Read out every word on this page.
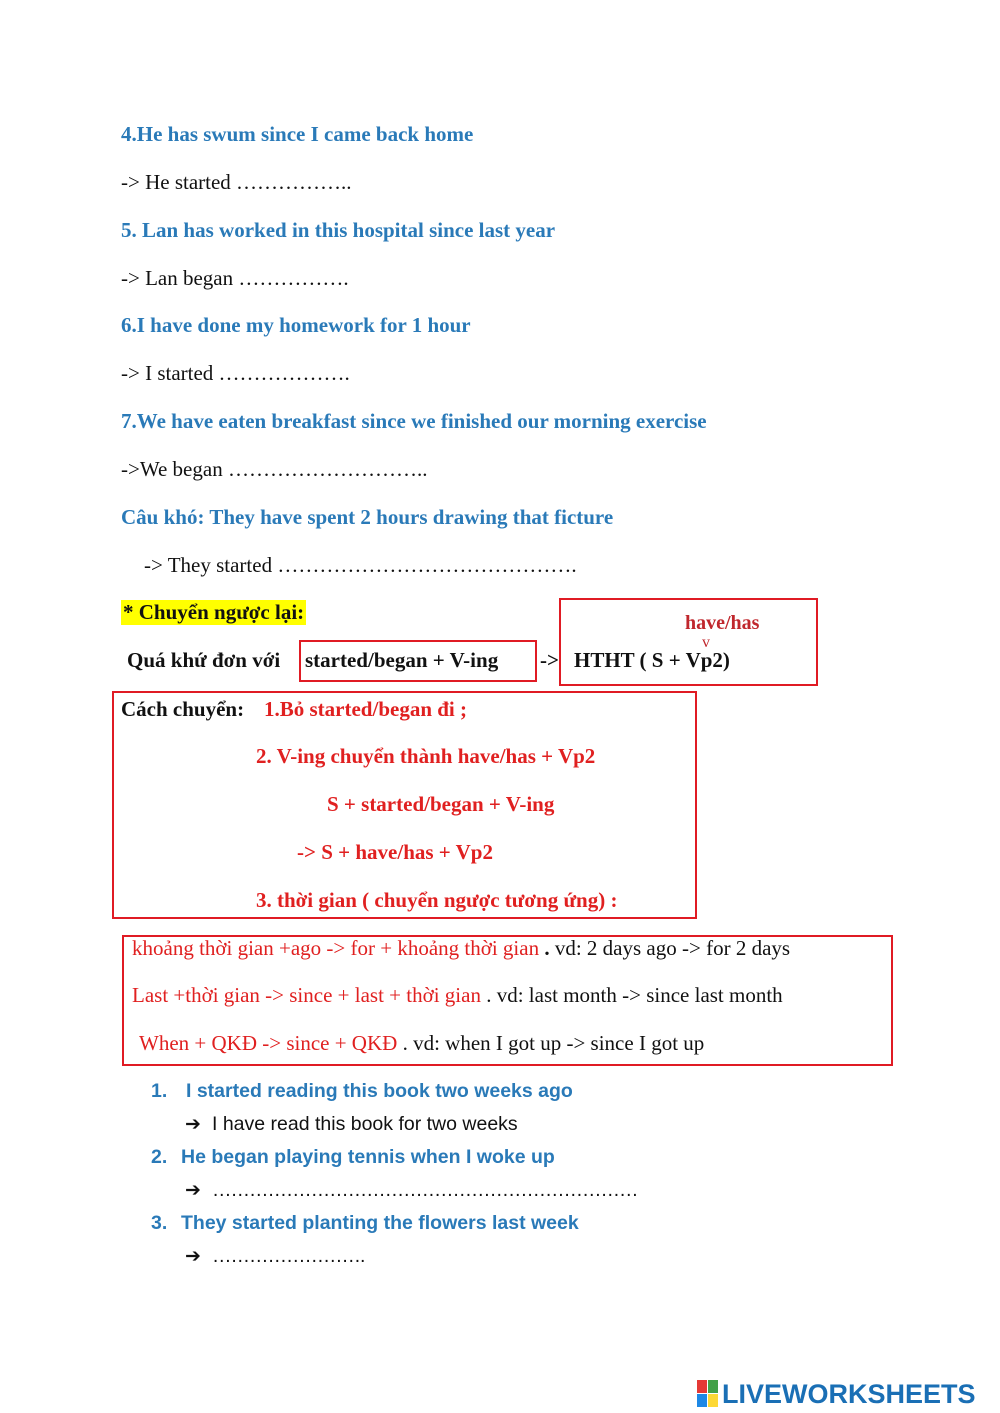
4.He has swum since I came back home
-> He started ……………..
5. Lan has worked in this hospital since last year
-> Lan began …………….
6.I have done my homework for 1 hour
-> I started ……………….
7.We have eaten breakfast since we finished our morning exercise
->We began ………………………..
Câu khó: They have spent 2 hours drawing that ficture
-> They started …………………………………….
* Chuyển ngược lại:
Quá khứ đơn với started/began + V-ing ->
have/has
v
HTHT ( S + Vp2)
Cách chuyển: 1.Bỏ started/began đi ;
2. V-ing chuyển thành have/has + Vp2
S + started/began + V-ing
-> S + have/has + Vp2
3. thời gian ( chuyển ngược tương ứng) :
khoảng thời gian +ago -> for + khoảng thời gian . vd: 2 days ago -> for 2 days
Last +thời gian -> since + last + thời gian . vd: last month -> since last month
When + QKĐ -> since + QKĐ . vd: when I got up -> since I got up
1. I started reading this book two weeks ago
➔ I have read this book for two weeks
2. He began playing tennis when I woke up
➔ ……………………………………………………………
3. They started planting the flowers last week
➔ …………………….
LIVEWORKSHEETS
